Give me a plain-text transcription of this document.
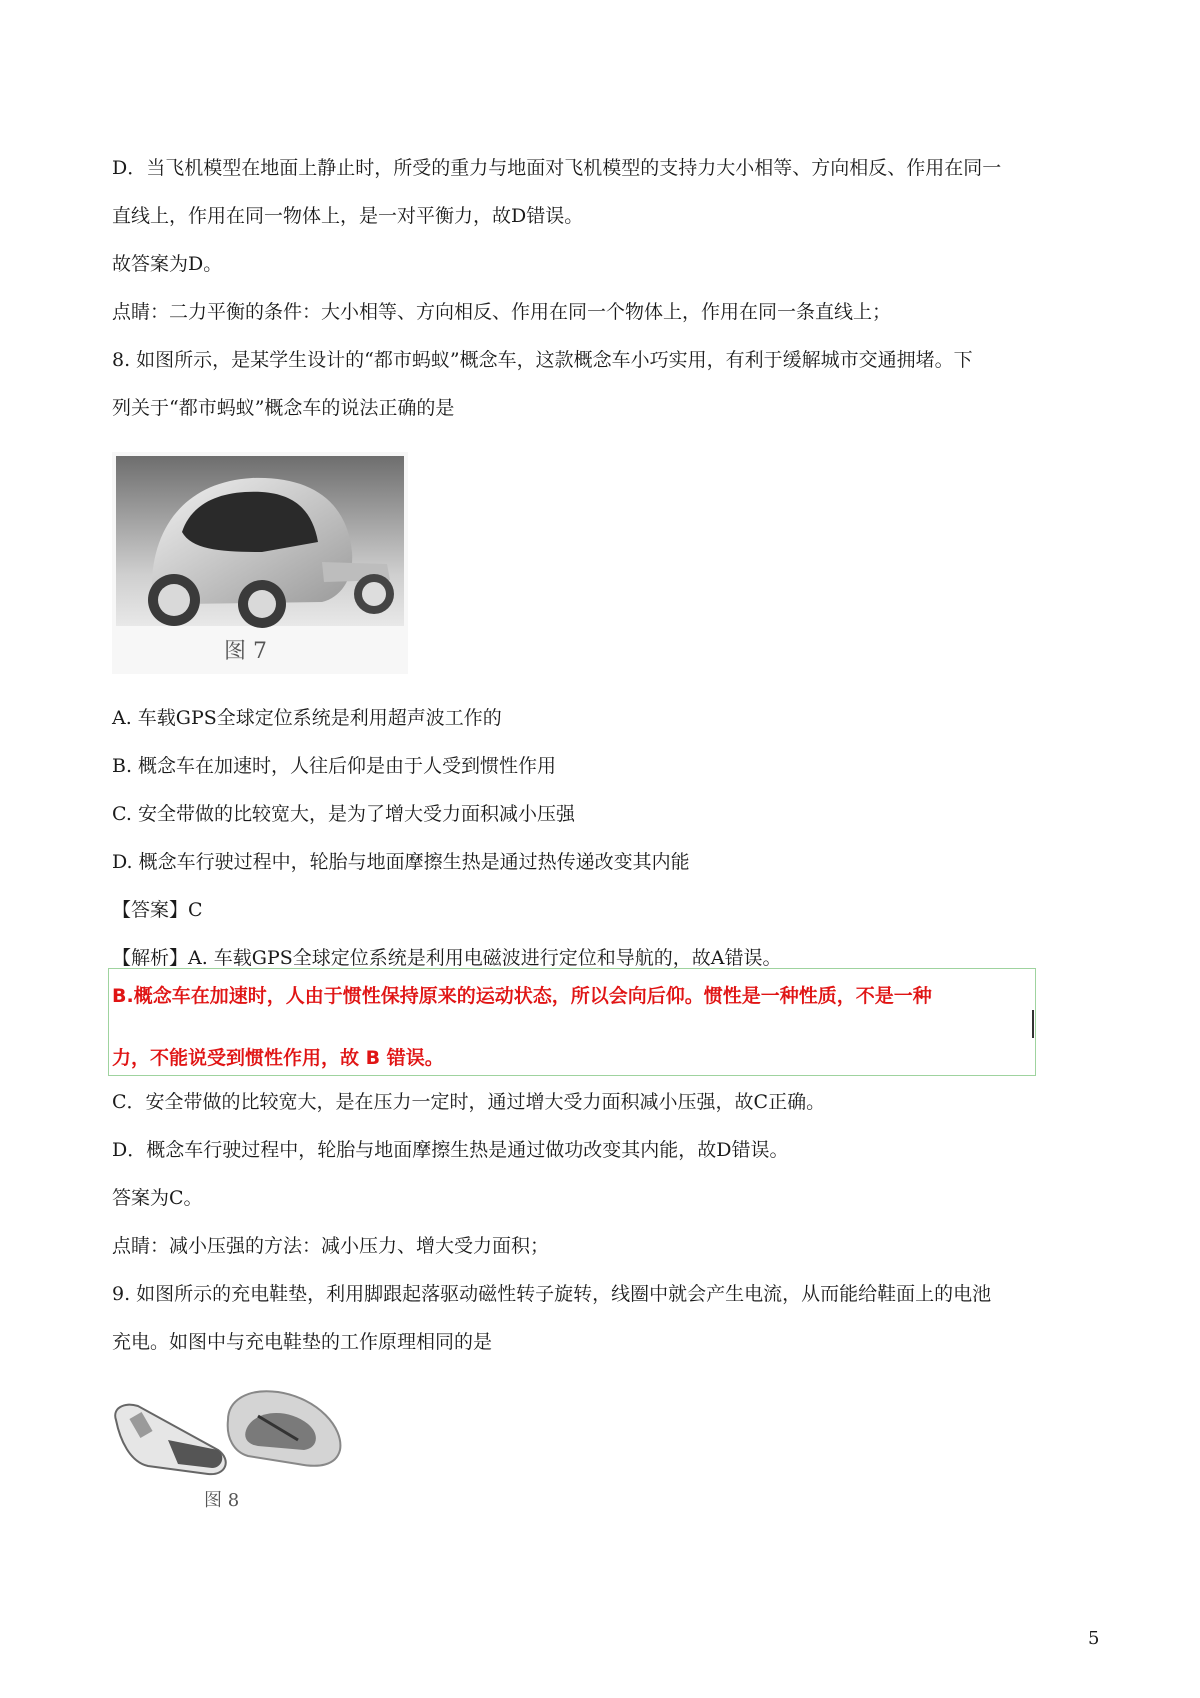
D．当飞机模型在地面上静止时，所受的重力与地面对飞机模型的支持力大小相等、方向相反、作用在同一
直线上，作用在同一物体上，是一对平衡力，故D错误。
故答案为D。
点睛：二力平衡的条件：大小相等、方向相反、作用在同一个物体上，作用在同一条直线上；
8. 如图所示，是某学生设计的“都市蚂蚁”概念车，这款概念车小巧实用，有利于缓解城市交通拥堵。下
列关于“都市蚂蚁”概念车的说法正确的是
图 7
A. 车载GPS全球定位系统是利用超声波工作的
B. 概念车在加速时，人往后仰是由于人受到惯性作用
C. 安全带做的比较宽大，是为了增大受力面积减小压强
D. 概念车行驶过程中，轮胎与地面摩擦生热是通过热传递改变其内能
【答案】C
【解析】A. 车载GPS全球定位系统是利用电磁波进行定位和导航的，故A错误。
B.概念车在加速时，人由于惯性保持原来的运动状态，所以会向后仰。惯性是一种性质，不是一种
力，不能说受到惯性作用，故 B 错误。
C．安全带做的比较宽大，是在压力一定时，通过增大受力面积减小压强，故C正确。
D．概念车行驶过程中，轮胎与地面摩擦生热是通过做功改变其内能，故D错误。
答案为C。
点睛：减小压强的方法：减小压力、增大受力面积；
9. 如图所示的充电鞋垫，利用脚跟起落驱动磁性转子旋转，线圈中就会产生电流，从而能给鞋面上的电池
充电。如图中与充电鞋垫的工作原理相同的是
图 8
5
